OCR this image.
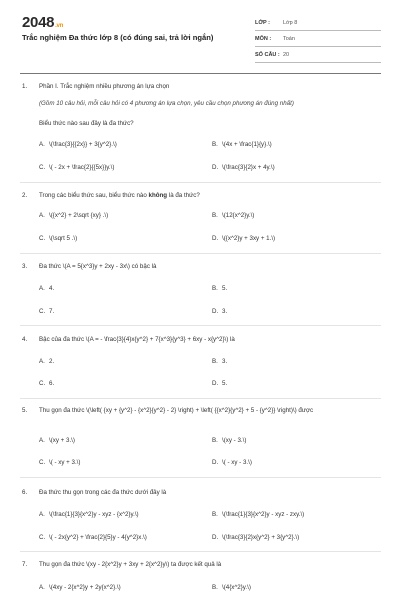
2048.vn
Trắc nghiệm Đa thức lớp 8 (có đúng sai, trả lời ngắn)
LỚP :	Lớp 8
MÔN :	Toán
SỐ CÂU : 20
1.	Phần I. Trắc nghiệm nhiều phương án lựa chọn
(Gồm 10 câu hỏi, mỗi câu hỏi có 4 phương án lựa chọn, yêu cầu chọn phương án đúng nhất)
Biểu thức nào sau đây là đa thức?
A. \(\frac{3}{{2x}} + 3{y^2}.\)	B. \(4x + \frac{1}{y}.\)
C. \( - 2x + \frac{2}{{5x}}y.\)	D. \(\frac{3}{2}x + 4y.\)
2.	Trong các biểu thức sau, biểu thức nào không là đa thức?
A. \({x^2} + 2\sqrt {xy} .\)	B. \(12{x^2}y.\)
C. \(\sqrt 5 .\)	D. \({x^2}y + 3xy + 1.\)
3.	Đa thức \(A = 5{x^3}y + 2xy - 3x\) có bậc là
A. 4.	B. 5.
C. 7.	D. 3.
4.	Bậc của đa thức \(A = - \frac{3}{4}x{y^2} + 7{x^3}{y^3} + 6xy - x{y^2}\) là
A. 2.	B. 3.
C. 6.	D. 5.
5.	Thu gọn đa thức \(\left( {xy + {y^2} - {x^2}{y^2} - 2} \right) + \left( {{x^2}{y^2} + 5 - {y^2}} \right)\) được
A. \(xy + 3.\)	B. \(xy - 3.\)
C. \( - xy + 3.\)	D. \( - xy - 3.\)
6.	Đa thức thu gọn trong các đa thức dưới đây là
A. \(\frac{1}{3}{x^2}y - xyz - {x^2}y.\)	B. \(\frac{1}{3}{x^2}y - xyz - zxy.\)
C. \( - 2x{y^2} + \frac{2}{5}y - 4{y^2}x.\)	D. \(\frac{3}{2}x{y^2} + 3{y^2}.\)
7.	Thu gọn đa thức \(xy - 2{x^2}y + 3xy + 2{x^2}y\) ta được kết quả là
A. \(4xy - 2{x^2}y + 2y{x^2}.\)	B. \(4{x^2}y.\)
